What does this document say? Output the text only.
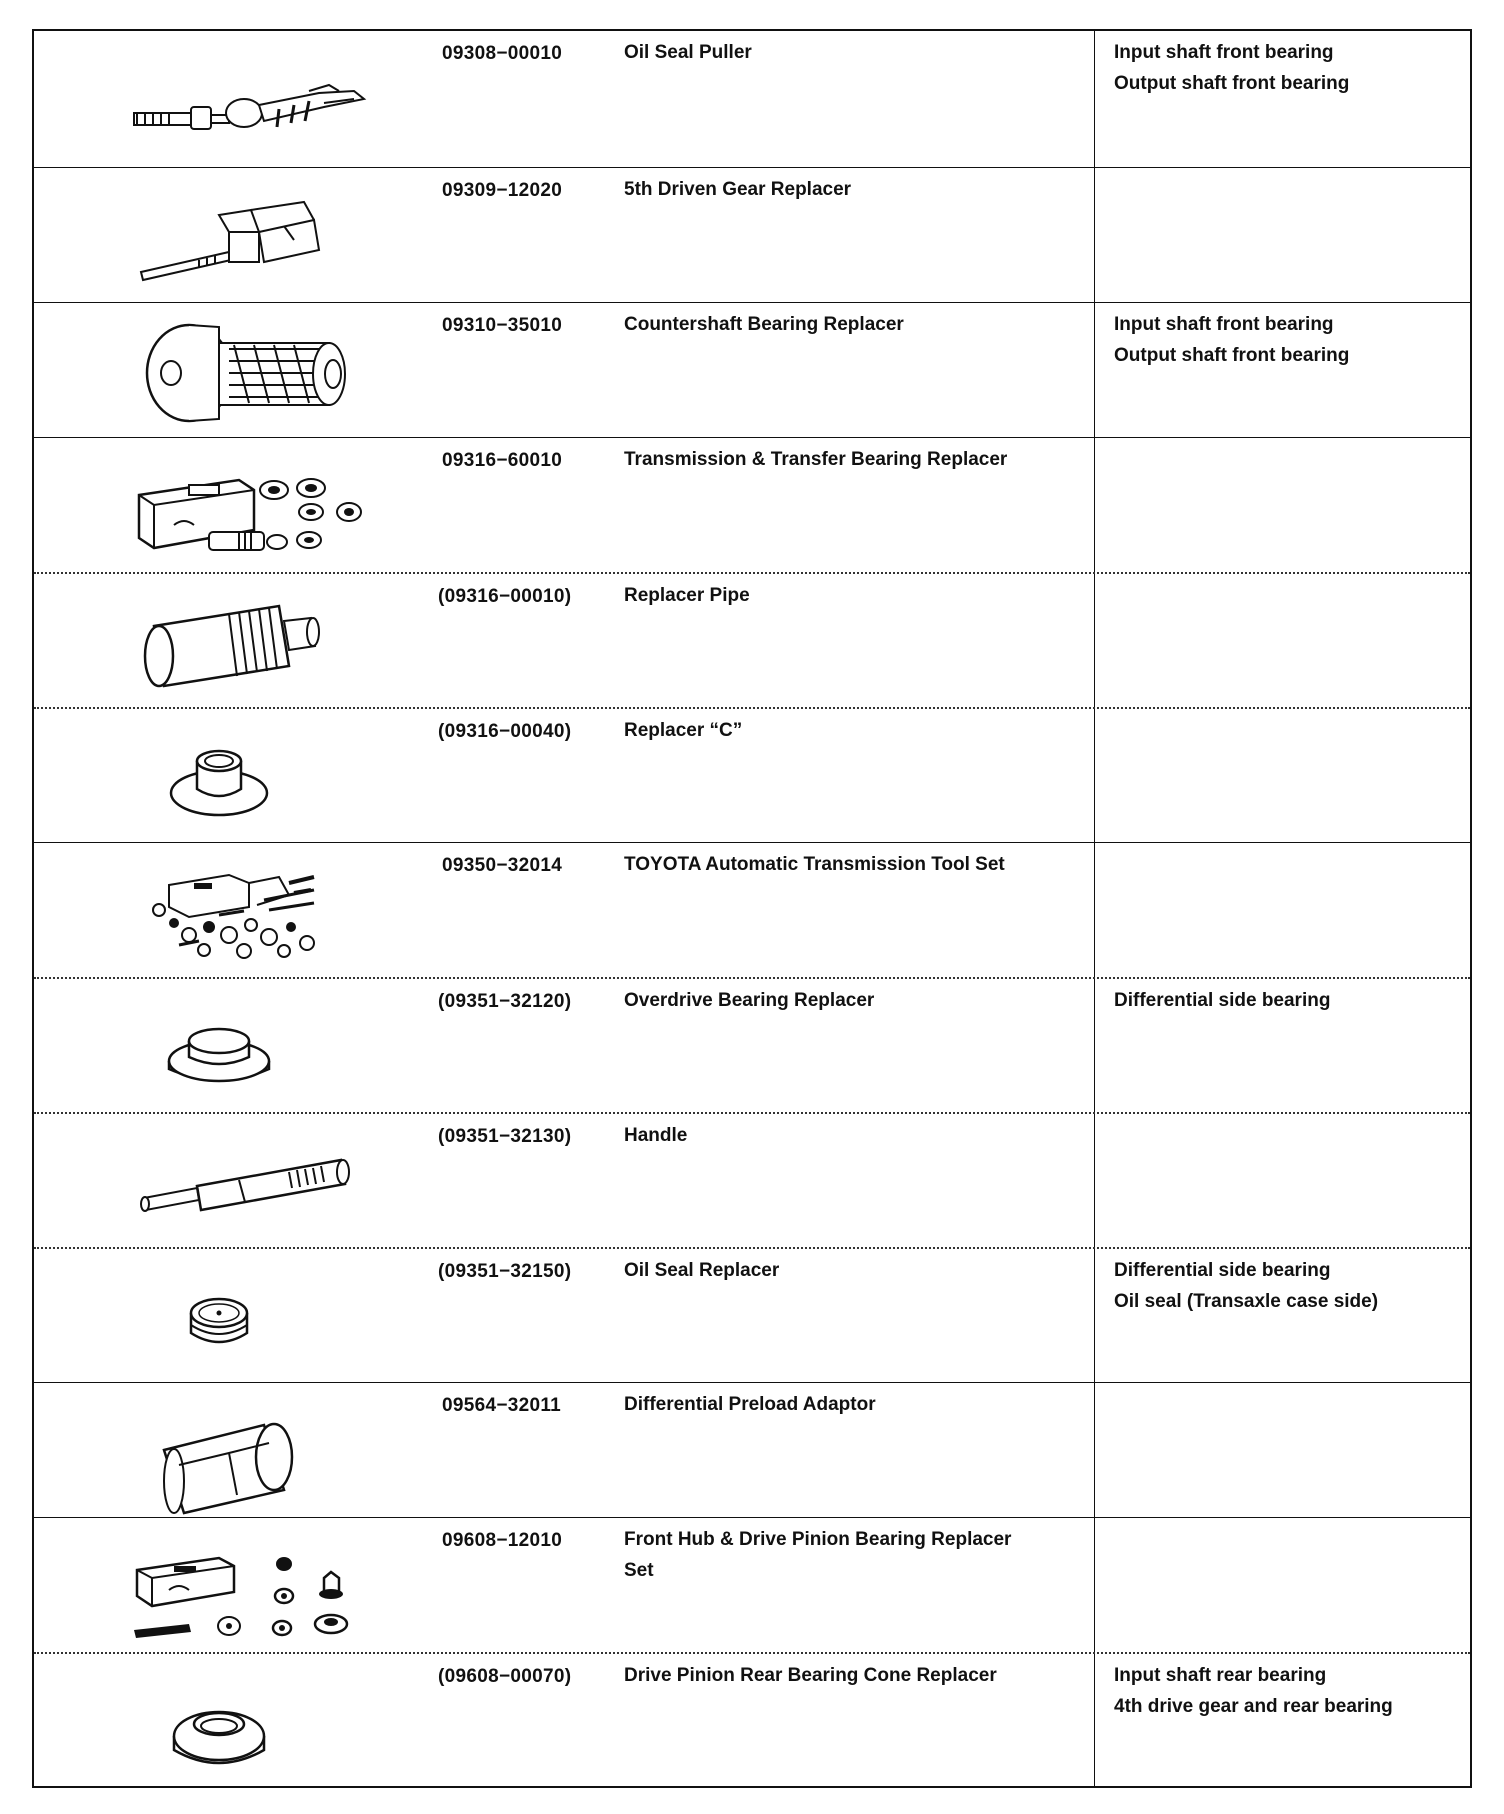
09308−00010	Oil Seal Puller	Input shaft front bearing
Output shaft front bearing
09309−12020	5th Driven Gear Replacer
09310−35010	Countershaft Bearing Replacer	Input shaft front bearing
Output shaft front bearing
09316−60010	Transmission & Transfer Bearing Replacer
(09316−00010)	Replacer Pipe
(09316−00040)	Replacer “C”
09350−32014	TOYOTA Automatic Transmission Tool Set
(09351−32120)	Overdrive Bearing Replacer	Differential side bearing
(09351−32130)	Handle
(09351−32150)	Oil Seal Replacer	Differential side bearing
Oil seal (Transaxle case side)
09564−32011	Differential Preload Adaptor
09608−12010	Front Hub & Drive Pinion Bearing Replacer Set
(09608−00070)	Drive Pinion Rear Bearing Cone Replacer	Input shaft rear bearing
4th drive gear and rear bearing
